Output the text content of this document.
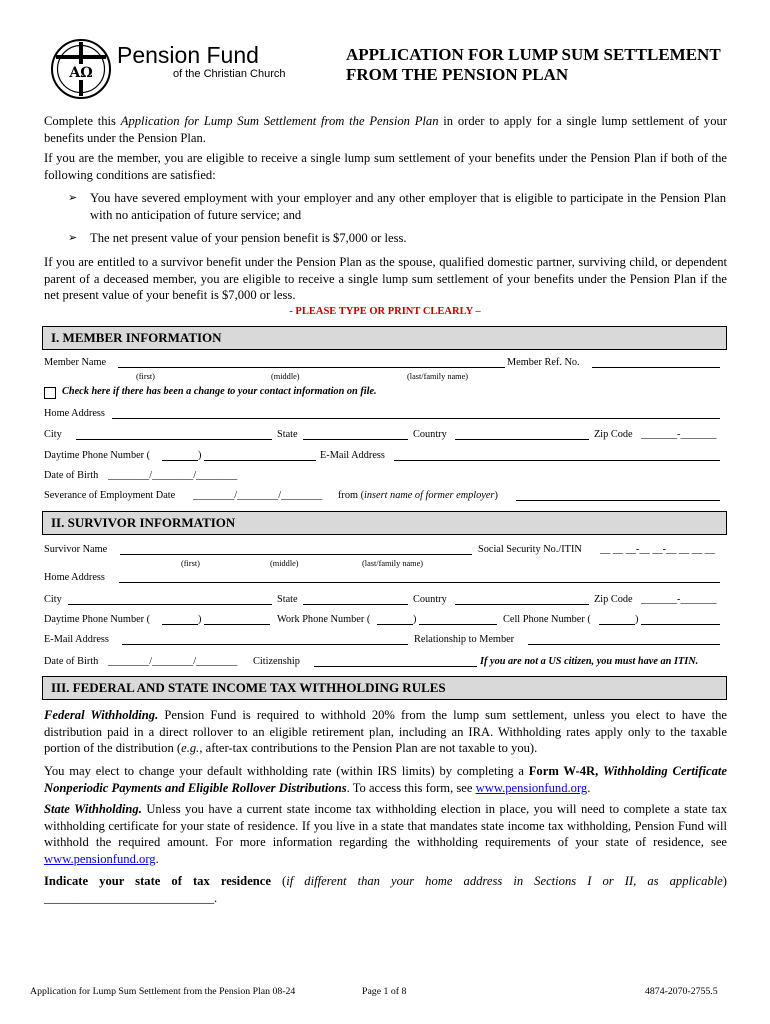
AΩ
Pension Fund
of the Christian Church
APPLICATION FOR LUMP SUM SETTLEMENT
FROM THE PENSION PLAN
Complete this Application for Lump Sum Settlement from the Pension Plan in order to apply for a single lump settlement of your benefits under the Pension Plan.
If you are the member, you are eligible to receive a single lump sum settlement of your benefits under the Pension Plan if both of the following conditions are satisfied:
➢	You have severed employment with your employer and any other employer that is eligible to participate in the Pension Plan with no anticipation of future service; and
➢	The net present value of your pension benefit is $7,000 or less.
If you are entitled to a survivor benefit under the Pension Plan as the spouse, qualified domestic partner, surviving child, or dependent parent of a deceased member, you are eligible to receive a single lump sum settlement of your benefits under the Pension Plan if the net present value of your benefit is $7,000 or less.
- PLEASE TYPE OR PRINT CLEARLY –
I. MEMBER INFORMATION
Member Name	Member Ref. No.
(first)	(middle)	(last/family name)
Check here if there has been a change to your contact information on file.
Home Address
City	State	Country	Zip Code _______-_______
Daytime Phone Number (	)	E-Mail Address
Date of Birth ________/________/________
Severance of Employment Date ________/________/________ from (insert name of former employer)
II. SURVIVOR INFORMATION
Survivor Name	Social Security No./ITIN __ __ __-__ __-__ __ __ __
(first)	(middle)	(last/family name)
Home Address
City	State	Country	Zip Code _______-_______
Daytime Phone Number (	)	Work Phone Number (	)	Cell Phone Number (	)
E-Mail Address	Relationship to Member
Date of Birth ________/________/________ Citizenship	If you are not a US citizen, you must have an ITIN.
III. FEDERAL AND STATE INCOME TAX WITHHOLDING RULES
Federal Withholding. Pension Fund is required to withhold 20% from the lump sum settlement, unless you elect to have the distribution paid in a direct rollover to an eligible retirement plan, including an IRA. Withholding rates apply only to the taxable portion of the distribution (e.g., after-tax contributions to the Pension Plan are not taxable to you).
You may elect to change your default withholding rate (within IRS limits) by completing a Form W-4R, Withholding Certificate Nonperiodic Payments and Eligible Rollover Distributions. To access this form, see www.pensionfund.org.
State Withholding. Unless you have a current state income tax withholding election in place, you will need to complete a state tax withholding certificate for your state of residence. If you live in a state that mandates state income tax withholding, Pension Fund will withhold the required amount. For more information regarding the withholding requirements of your state of residence, see www.pensionfund.org.
Indicate your state of tax residence (if different than your home address in Sections I or II, as applicable) ___________________________.
Application for Lump Sum Settlement from the Pension Plan 08-24	Page 1 of 8	4874-2070-2755.5
